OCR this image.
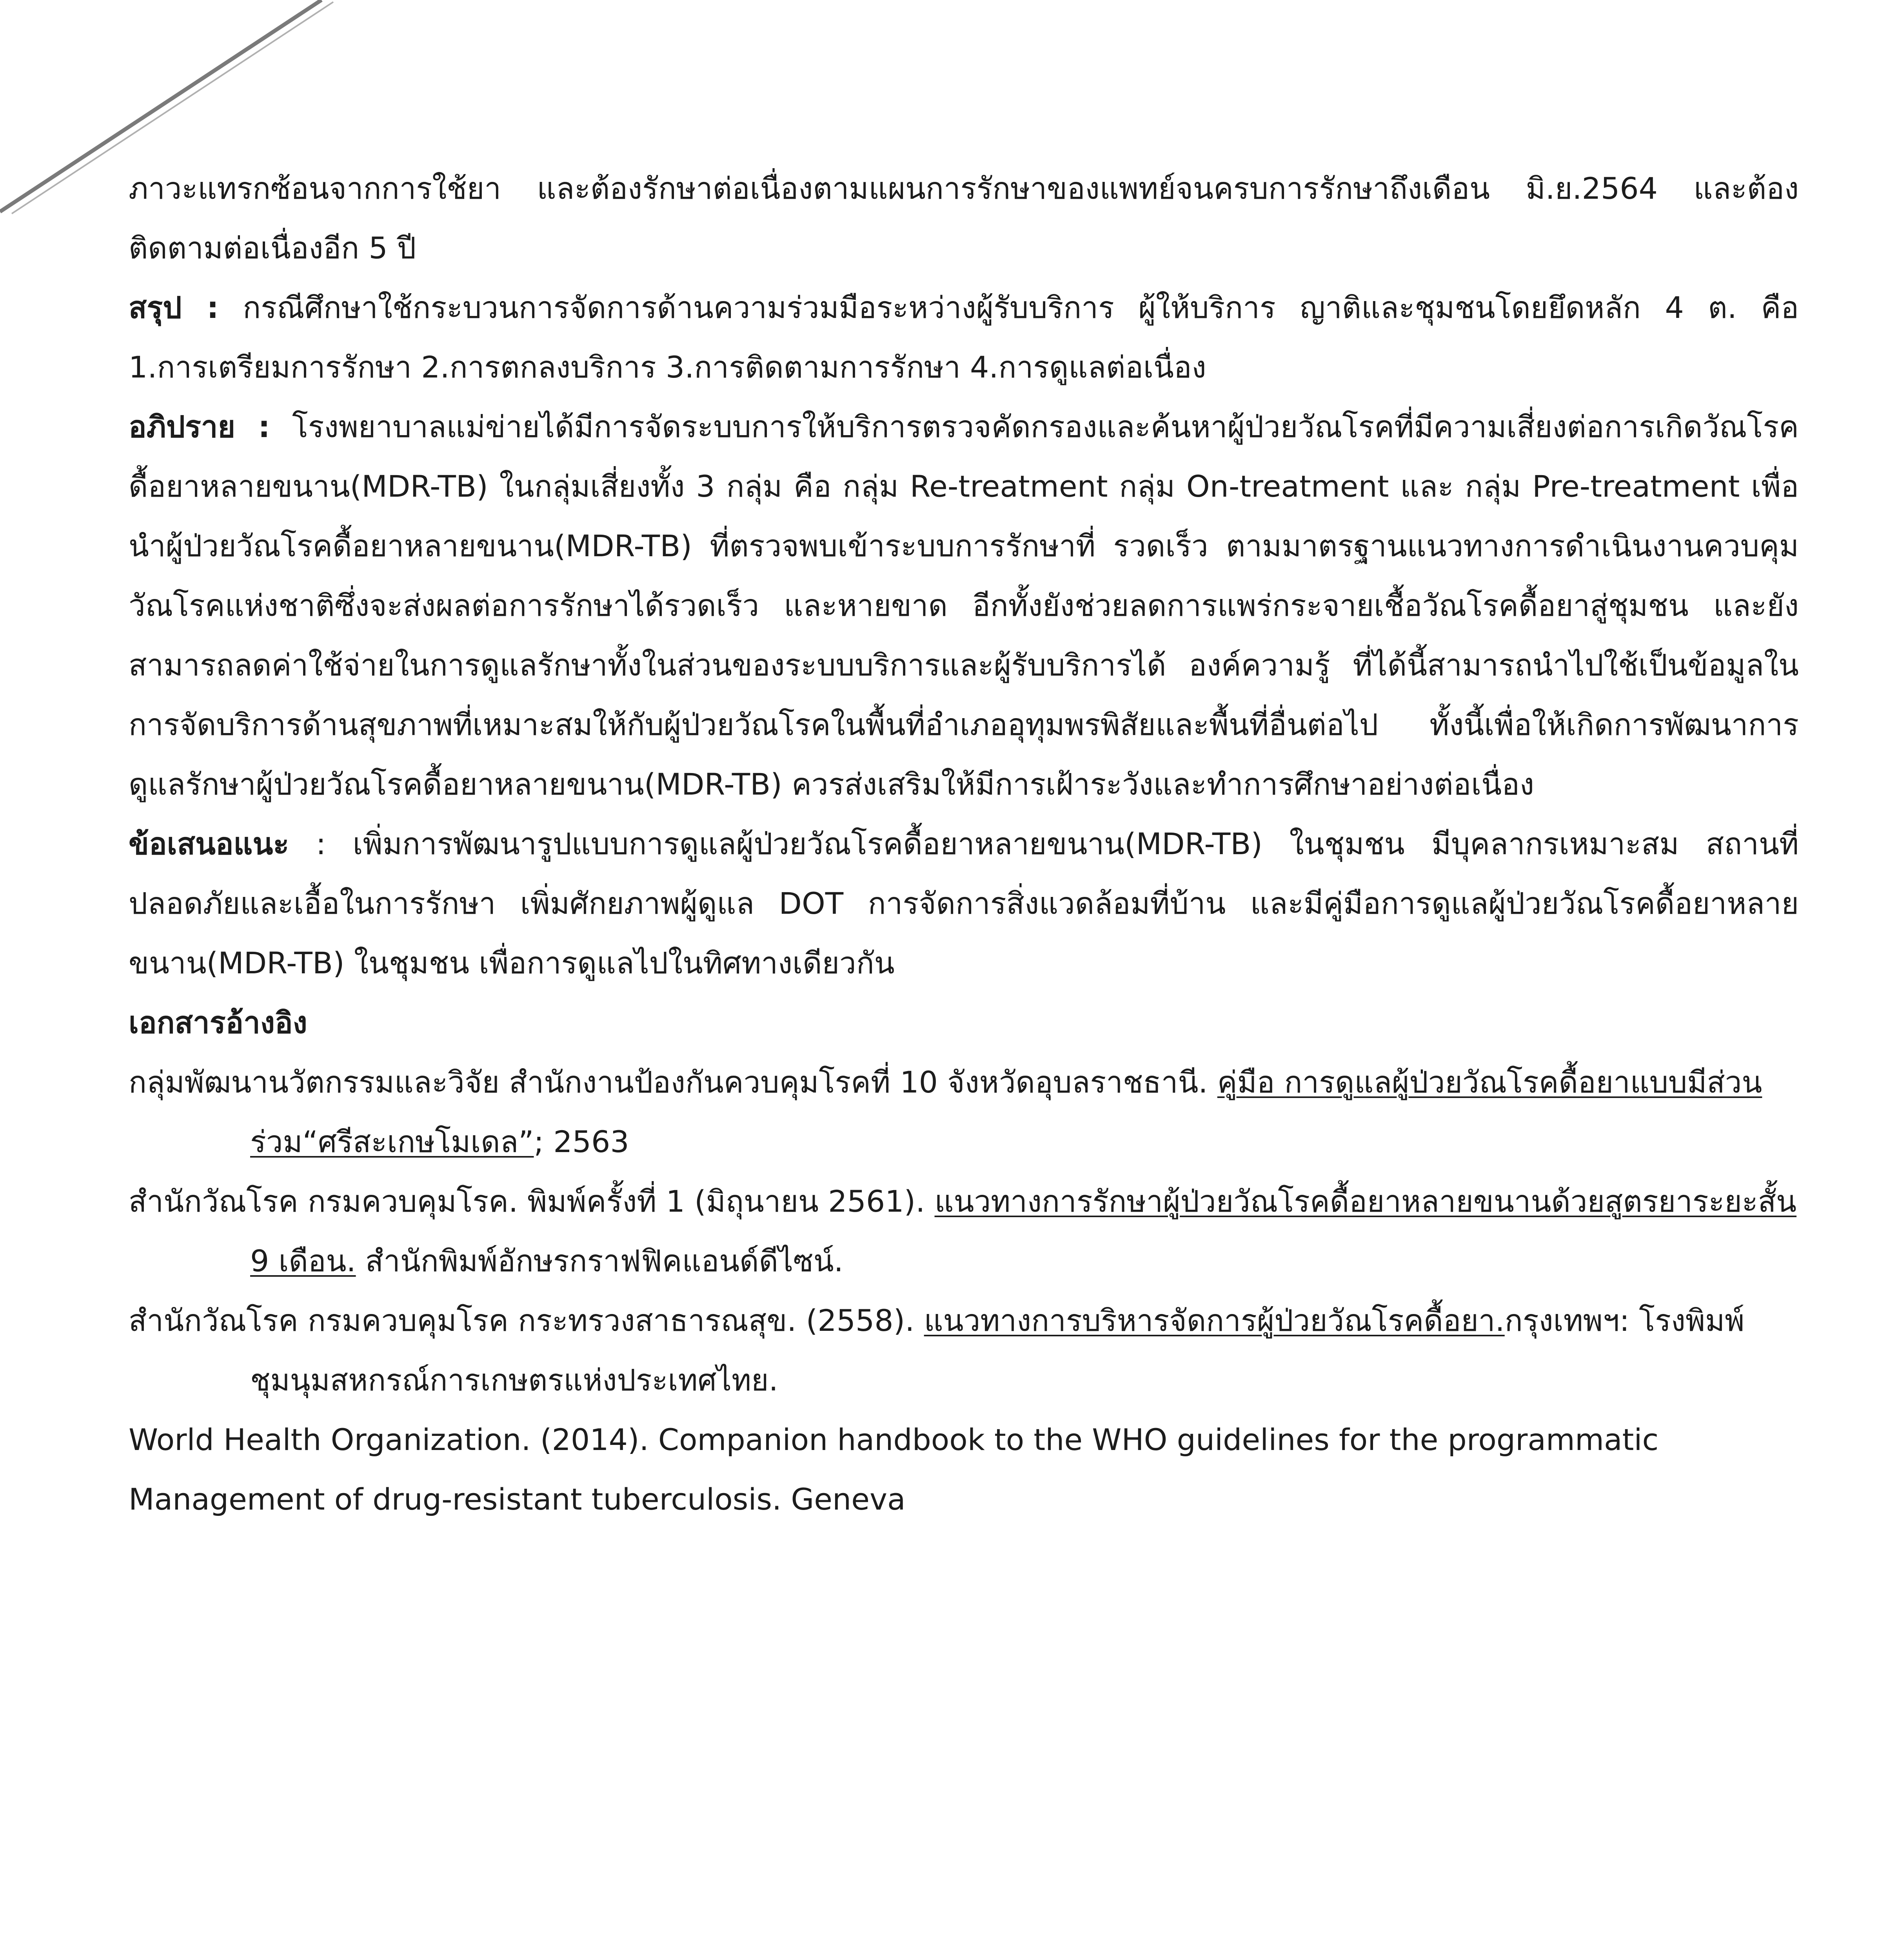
ภาวะแทรกซ้อนจากการใช้ยา และต้องรักษาต่อเนื่องตามแผนการรักษาของแพทย์จนครบการรักษาถึงเดือน มิ.ย.2564 และต้องติดตามต่อเนื่องอีก 5 ปี

สรุป : กรณีศึกษาใช้กระบวนการจัดการด้านความร่วมมือระหว่างผู้รับบริการ ผู้ให้บริการ ญาติและชุมชนโดยยึดหลัก 4 ต. คือ 1.การเตรียมการรักษา 2.การตกลงบริการ 3.การติดตามการรักษา 4.การดูแลต่อเนื่อง

อภิปราย : โรงพยาบาลแม่ข่ายได้มีการจัดระบบการให้บริการตรวจคัดกรองและค้นหาผู้ป่วยวัณโรคที่มีความเสี่ยงต่อการเกิดวัณโรคดื้อยาหลายขนาน(MDR-TB) ในกลุ่มเสี่ยงทั้ง 3 กลุ่ม คือ กลุ่ม Re-treatment กลุ่ม On-treatment และ กลุ่ม Pre-treatment เพื่อนำผู้ป่วยวัณโรคดื้อยาหลายขนาน(MDR-TB) ที่ตรวจพบเข้าระบบการรักษาที่ รวดเร็ว ตามมาตรฐานแนวทางการดำเนินงานควบคุมวัณโรคแห่งชาติซึ่งจะส่งผลต่อการรักษาได้รวดเร็ว และหายขาด อีกทั้งยังช่วยลดการแพร่กระจายเชื้อวัณโรคดื้อยาสู่ชุมชน และยังสามารถลดค่าใช้จ่ายในการดูแลรักษาทั้งในส่วนของระบบบริการและผู้รับบริการได้ องค์ความรู้ ที่ได้นี้สามารถนำไปใช้เป็นข้อมูลในการจัดบริการด้านสุขภาพที่เหมาะสมให้กับผู้ป่วยวัณโรคในพื้นที่อำเภออุทุมพรพิสัยและพื้นที่อื่นต่อไป ทั้งนี้เพื่อให้เกิดการพัฒนาการดูแลรักษาผู้ป่วยวัณโรคดื้อยาหลายขนาน(MDR-TB) ควรส่งเสริมให้มีการเฝ้าระวังและทำการศึกษาอย่างต่อเนื่อง

ข้อเสนอแนะ : เพิ่มการพัฒนารูปแบบการดูแลผู้ป่วยวัณโรคดื้อยาหลายขนาน(MDR-TB) ในชุมชน มีบุคลากรเหมาะสม สถานที่ปลอดภัยและเอื้อในการรักษา เพิ่มศักยภาพผู้ดูแล DOT การจัดการสิ่งแวดล้อมที่บ้าน และมีคู่มือการดูแลผู้ป่วยวัณโรคดื้อยาหลายขนาน(MDR-TB) ในชุมชน เพื่อการดูแลไปในทิศทางเดียวกัน

เอกสารอ้างอิง

กลุ่มพัฒนานวัตกรรมและวิจัย สำนักงานป้องกันควบคุมโรคที่ 10 จังหวัดอุบลราชธานี. คู่มือ การดูแลผู้ป่วยวัณโรคดื้อยาแบบมีส่วนร่วม“ศรีสะเกษโมเดล”; 2563

สำนักวัณโรค กรมควบคุมโรค. พิมพ์ครั้งที่ 1 (มิถุนายน 2561). แนวทางการรักษาผู้ป่วยวัณโรคดื้อยาหลายขนานด้วยสูตรยาระยะสั้น 9 เดือน. สำนักพิมพ์อักษรกราฟฟิคแอนด์ดีไซน์.

สำนักวัณโรค กรมควบคุมโรค กระทรวงสาธารณสุข. (2558). แนวทางการบริหารจัดการผู้ป่วยวัณโรคดื้อยา.กรุงเทพฯ: โรงพิมพ์ชุมนุมสหกรณ์การเกษตรแห่งประเทศไทย.

World Health Organization. (2014). Companion handbook to the WHO guidelines for the programmatic

Management of drug-resistant tuberculosis. Geneva
